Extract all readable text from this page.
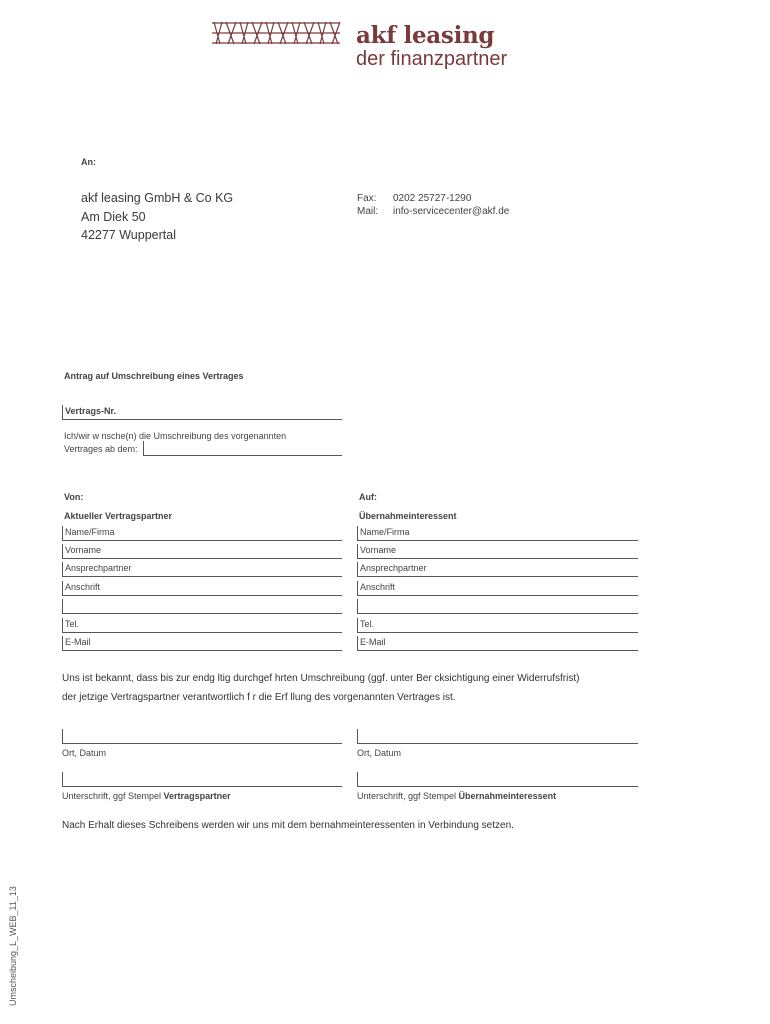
akf leasing
der finanzpartner
An:
akf leasing GmbH & Co KG
Am Diek 50
42277 Wuppertal
Fax: 0202 25727-1290
Mail: info-servicecenter@akf.de
Antrag auf Umschreibung eines Vertrages
Vertrags-Nr.
Ich/wir w nsche(n) die Umschreibung des vorgenannten
Vertrages ab dem:
Von:
Aktueller Vertragspartner
Auf:
Übernahmeinteressent
Name/Firma
Vorname
Ansprechpartner
Anschrift
Tel.
E-Mail
Name/Firma
Vorname
Ansprechpartner
Anschrift
Tel.
E-Mail
Uns ist bekannt, dass bis zur endg ltig durchgef hrten Umschreibung (ggf. unter Ber cksichtigung einer Widerrufsfrist)
der jetzige Vertragspartner verantwortlich f r die Erf llung des vorgenannten Vertrages ist.
Ort, Datum	Ort, Datum
Unterschrift, ggf Stempel Vertragspartner	Unterschrift, ggf Stempel Übernahmeinteressent
Nach Erhalt dieses Schreibens werden wir uns mit dem bernahmeinteressenten in Verbindung setzen.
Umscheibung_L_WEB_11_13
